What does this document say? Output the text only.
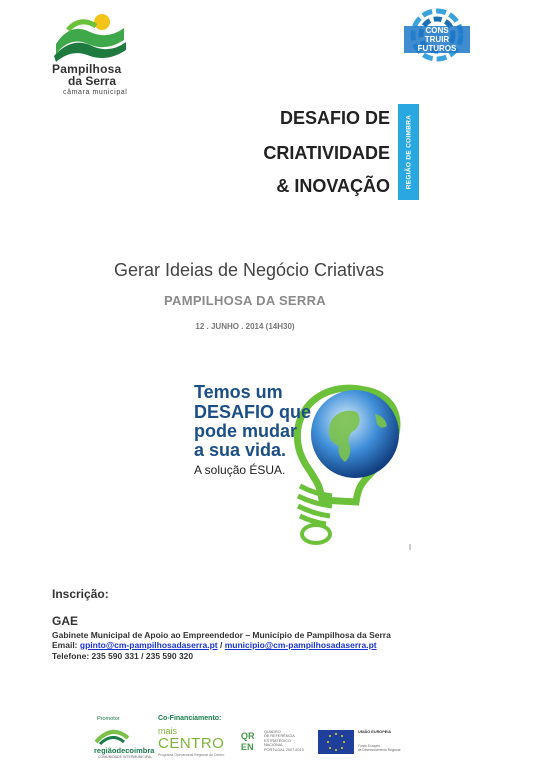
Pampilhosa
da Serra
câmara municipal
CONS
TRUIR
FUTUROS
DESAFIO DE
CRIATIVIDADE
& INOVAÇÃO REGIÃO DE COIMBRA
Gerar Ideias de Negócio Criativas
PAMPILHOSA DA SERRA
12 . JUNHO . 2014 (14H30)
Temos um
DESAFIO que
pode mudar
a sua vida.
A solução ÉSUA.
Inscrição:
GAE
Gabinete Municipal de Apoio ao Empreendedor – Município de Pampilhosa da Serra
Email: gpinto@cm-pampilhosadaserra.pt / municipio@cm-pampilhosadaserra.pt
Telefone: 235 590 331 / 235 590 320
Promotor	Co-Financiamento:
regiãodecoimbra
COMUNIDADE INTERMUNICIPAL
mais
CENTRO
Programa Operacional Regional do Centro
QR
EN
QUADRO
DE REFERÊNCIA
ESTRATÉGICO
NACIONAL
PORTUGAL 2007.2013
UNIÃO EUROPEIA
Fundo Europeu
de Desenvolvimento Regional
